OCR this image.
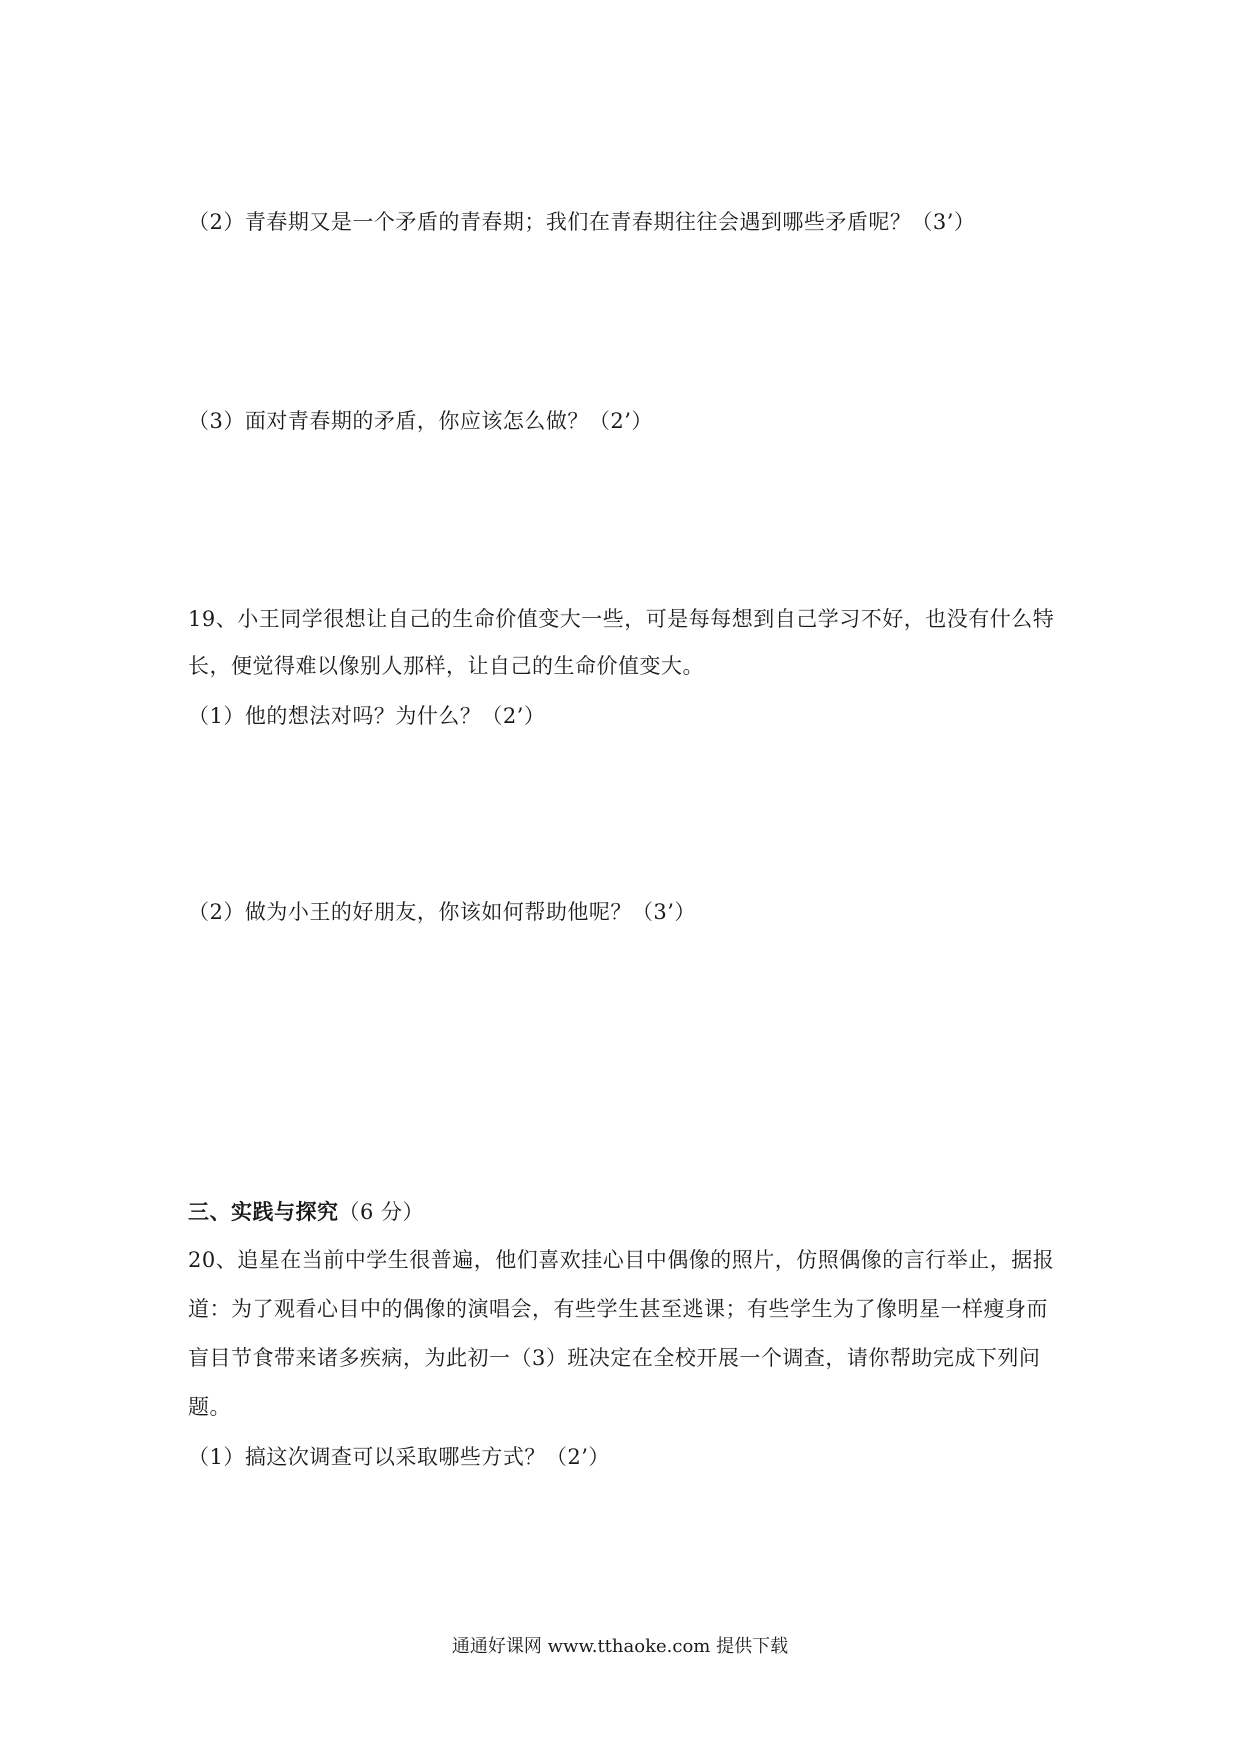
（2）青春期又是一个矛盾的青春期；我们在青春期往往会遇到哪些矛盾呢？（3’）
（3）面对青春期的矛盾，你应该怎么做？（2’）
19、小王同学很想让自己的生命价值变大一些，可是每每想到自己学习不好，也没有什么特
长，便觉得难以像别人那样，让自己的生命价值变大。
（1）他的想法对吗？为什么？（2’）
（2）做为小王的好朋友，你该如何帮助他呢？（3’）
三、实践与探究（6 分）
20、追星在当前中学生很普遍，他们喜欢挂心目中偶像的照片，仿照偶像的言行举止，据报
道：为了观看心目中的偶像的演唱会，有些学生甚至逃课；有些学生为了像明星一样瘦身而
盲目节食带来诸多疾病，为此初一（3）班决定在全校开展一个调查，请你帮助完成下列问
题。
（1）搞这次调查可以采取哪些方式？（2’）
通通好课网 www.tthaoke.com 提供下载
